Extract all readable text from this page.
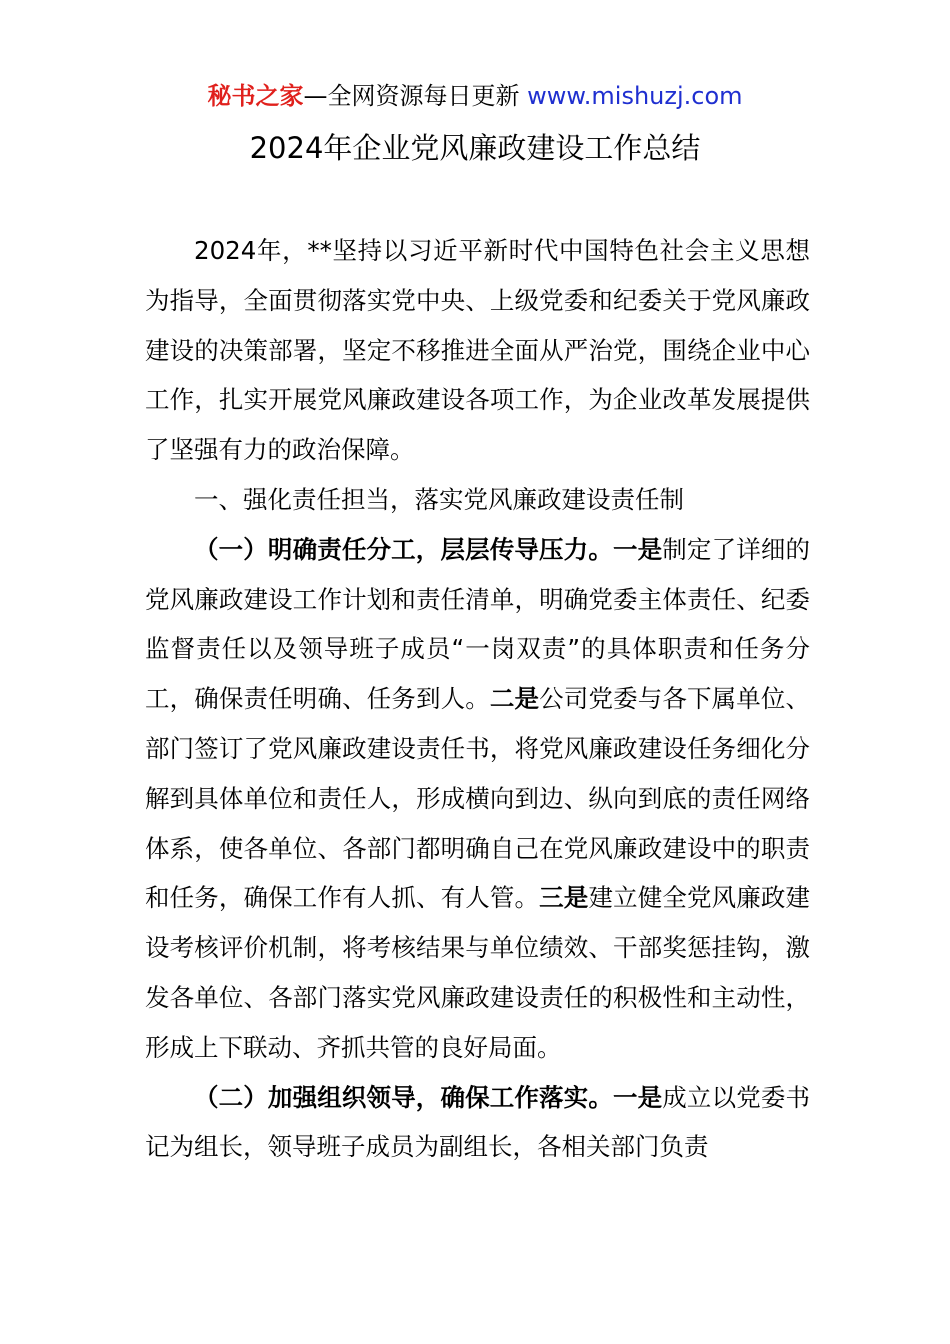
秘书之家—全网资源每日更新 www.mishuzj.com
2024年企业党风廉政建设工作总结

2024年，**坚持以习近平新时代中国特色社会主义思想为指导，全面贯彻落实党中央、上级党委和纪委关于党风廉政建设的决策部署，坚定不移推进全面从严治党，围绕企业中心工作，扎实开展党风廉政建设各项工作，为企业改革发展提供了坚强有力的政治保障。

一、强化责任担当，落实党风廉政建设责任制

（一）明确责任分工，层层传导压力。一是制定了详细的党风廉政建设工作计划和责任清单，明确党委主体责任、纪委监督责任以及领导班子成员“一岗双责”的具体职责和任务分工，确保责任明确、任务到人。二是公司党委与各下属单位、部门签订了党风廉政建设责任书，将党风廉政建设任务细化分解到具体单位和责任人，形成横向到边、纵向到底的责任网络体系，使各单位、各部门都明确自己在党风廉政建设中的职责和任务，确保工作有人抓、有人管。三是建立健全党风廉政建设考核评价机制，将考核结果与单位绩效、干部奖惩挂钩，激发各单位、各部门落实党风廉政建设责任的积极性和主动性，形成上下联动、齐抓共管的良好局面。

（二）加强组织领导，确保工作落实。一是成立以党委书记为组长，领导班子成员为副组长，各相关部门负责
